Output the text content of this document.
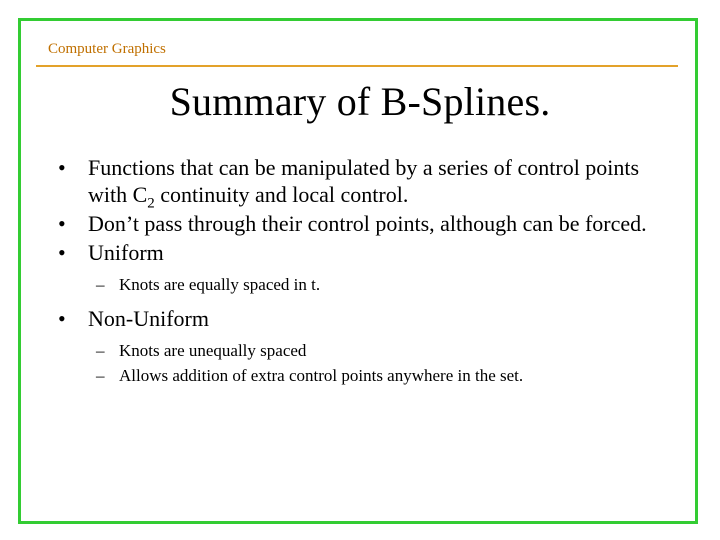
Computer Graphics
Summary of B-Splines.
• Functions that can be manipulated by a series of control points with $C_2$ continuity and local control.
• Don’t pass through their control points, although can be forced.
• Uniform
– Knots are equally spaced in t.
• Non-Uniform
– Knots are unequally spaced
– Allows addition of extra control points anywhere in the set.
